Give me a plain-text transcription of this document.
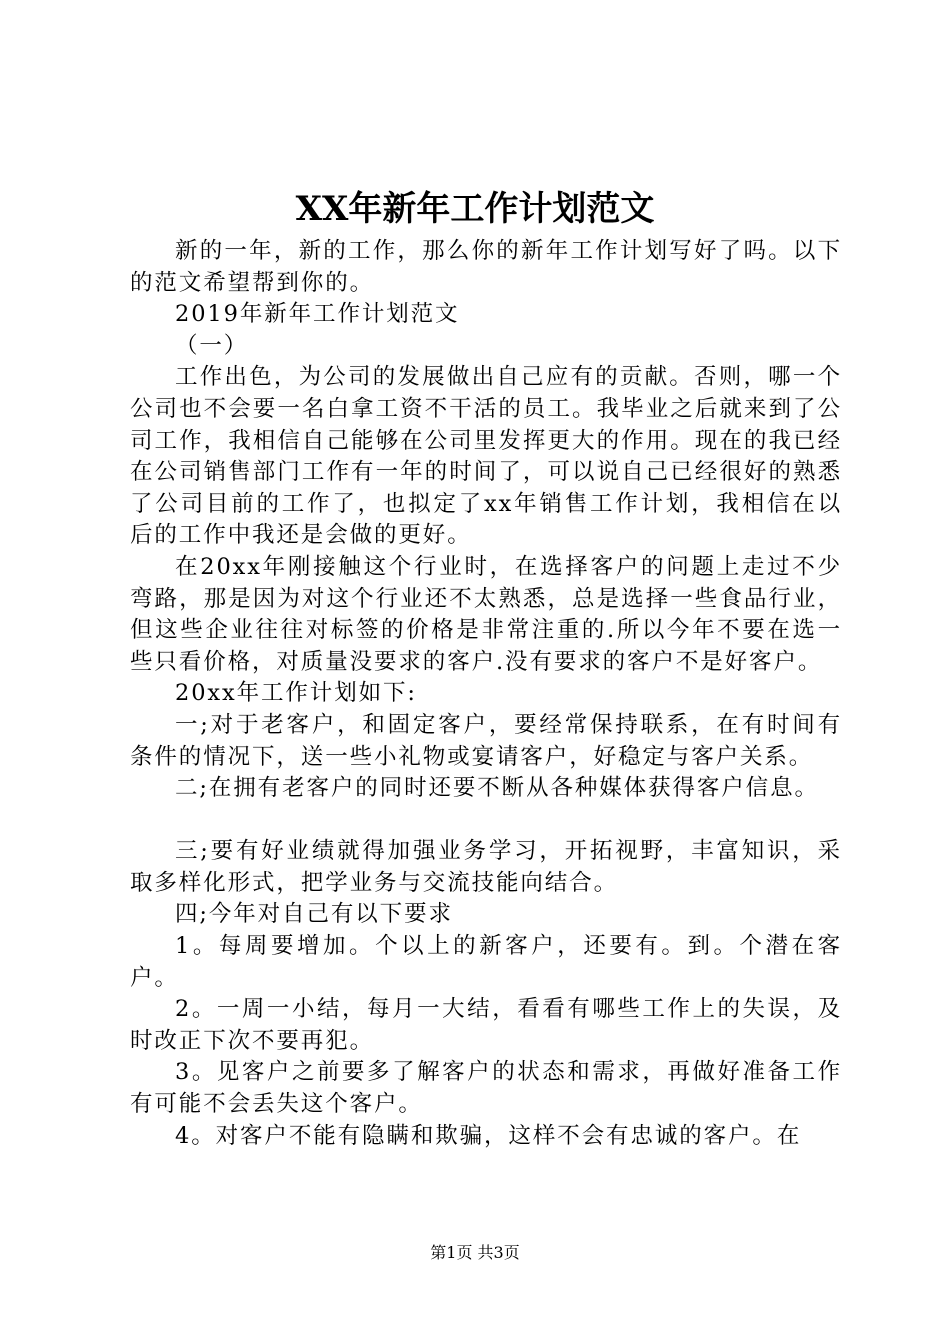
XX年新年工作计划范文

新的一年，新的工作，那么你的新年工作计划写好了吗。以下的范文希望帮到你的。

2019年新年工作计划范文

（一）

工作出色，为公司的发展做出自己应有的贡献。否则，哪一个公司也不会要一名白拿工资不干活的员工。我毕业之后就来到了公司工作，我相信自己能够在公司里发挥更大的作用。现在的我已经在公司销售部门工作有一年的时间了，可以说自己已经很好的熟悉了公司目前的工作了，也拟定了xx年销售工作计划，我相信在以后的工作中我还是会做的更好。

在20xx年刚接触这个行业时，在选择客户的问题上走过不少弯路，那是因为对这个行业还不太熟悉，总是选择一些食品行业，但这些企业往往对标签的价格是非常注重的.所以今年不要在选一些只看价格，对质量没要求的客户.没有要求的客户不是好客户。

20xx年工作计划如下:

一;对于老客户，和固定客户，要经常保持联系，在有时间有条件的情况下，送一些小礼物或宴请客户，好稳定与客户关系。

二;在拥有老客户的同时还要不断从各种媒体获得客户信息。

三;要有好业绩就得加强业务学习，开拓视野，丰富知识，采取多样化形式，把学业务与交流技能向结合。

四;今年对自己有以下要求

1。每周要增加。个以上的新客户，还要有。到。个潜在客户。

2。一周一小结，每月一大结，看看有哪些工作上的失误，及时改正下次不要再犯。

3。见客户之前要多了解客户的状态和需求，再做好准备工作有可能不会丢失这个客户。

4。对客户不能有隐瞒和欺骗，这样不会有忠诚的客户。在

第1页 共3页
